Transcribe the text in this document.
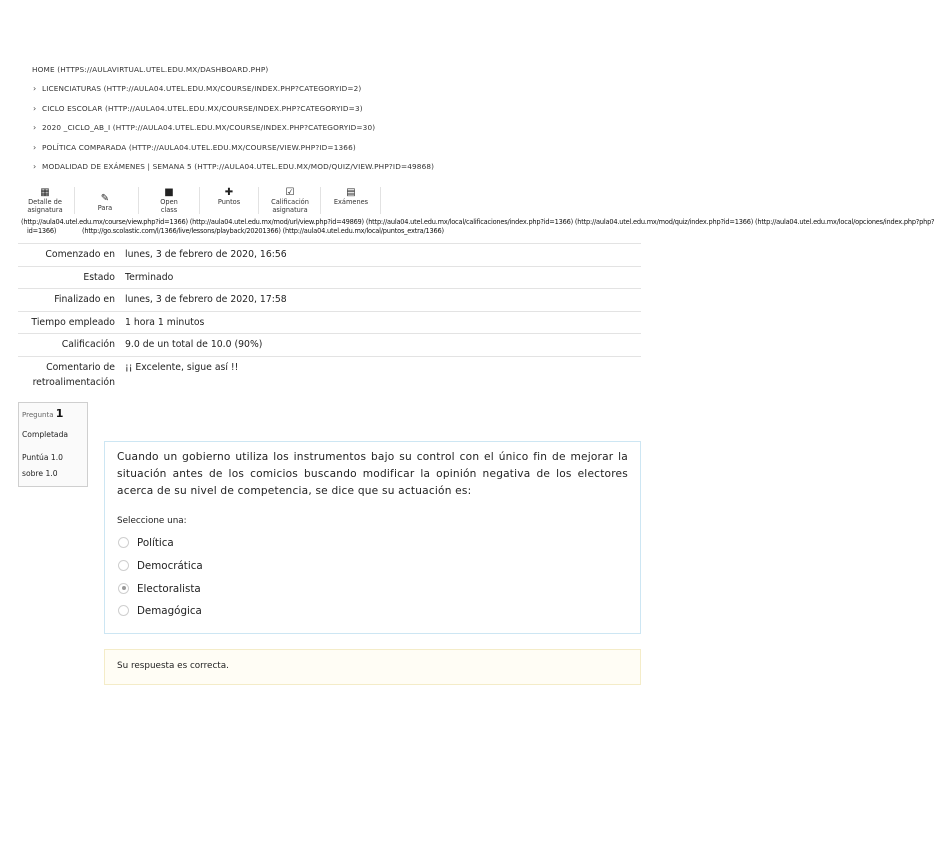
HOME (HTTPS://AULAVIRTUAL.UTEL.EDU.MX/DASHBOARD.PHP)
› LICENCIATURAS (HTTP://AULA04.UTEL.EDU.MX/COURSE/INDEX.PHP?CATEGORYID=2)
› CICLO ESCOLAR (HTTP://AULA04.UTEL.EDU.MX/COURSE/INDEX.PHP?CATEGORYID=3)
› 2020 _CICLO_AB_I (HTTP://AULA04.UTEL.EDU.MX/COURSE/INDEX.PHP?CATEGORYID=30)
› POLÍTICA COMPARADA (HTTP://AULA04.UTEL.EDU.MX/COURSE/VIEW.PHP?ID=1366)
› MODALIDAD DE EXÁMENES | SEMANA 5 (HTTP://AULA04.UTEL.EDU.MX/MOD/QUIZ/VIEW.PHP?ID=49868)
▦
Detalle de
asignatura
✎
Para
■
Open
class
✚
Puntos
☑
Calificación
asignatura
▤
Exámenes
(http://aula04.utel.edu.mx/course/view.php?id=1366) (http://aula04.utel.edu.mx/mod/url/view.php?id=49869) (http://aula04.utel.edu.mx/local/calificaciones/index.php?id=1366) (http://aula04.utel.edu.mx/mod/quiz/index.php?id=1366) (http://aula04.utel.edu.mx/local/opciones/index.php?php?
id=1366)	(http://go.scolastic.com/l/1366/live/lessons/playback/20201366) (http://aula04.utel.edu.mx/local/puntos_extra/1366)
Comenzado en	lunes, 3 de febrero de 2020, 16:56
Estado	Terminado
Finalizado en	lunes, 3 de febrero de 2020, 17:58
Tiempo empleado	1 hora 1 minutos
Calificación	9.0 de un total de 10.0 (90%)
Comentario de retroalimentación	¡¡ Excelente, sigue así !!
Pregunta 1
Completada
Puntúa 1.0
sobre 1.0
Cuando un gobierno utiliza los instrumentos bajo su control con el único fin de mejorar la situación antes de los comicios buscando modificar la opinión negativa de los electores acerca de su nivel de competencia, se dice que su actuación es:
Seleccione una:
Política
Democrática
Electoralista
Demagógica
Su respuesta es correcta.
